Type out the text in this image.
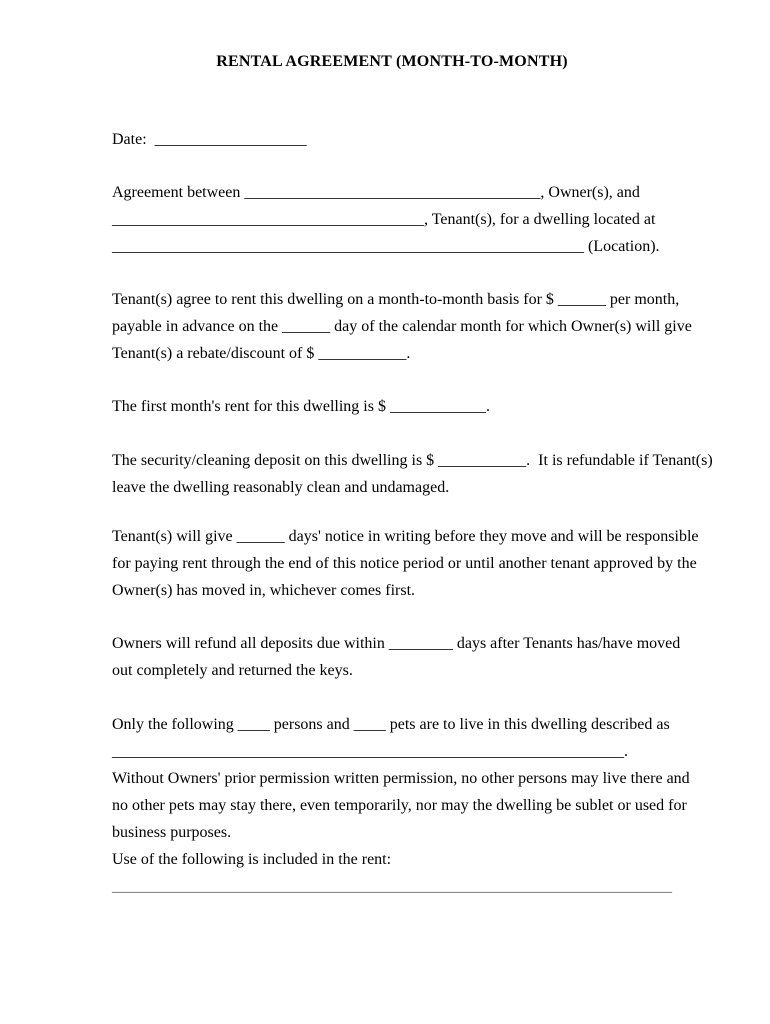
RENTAL AGREEMENT (MONTH-TO-MONTH)
Date:  ___________________
Agreement between _____________________________________, Owner(s), and
_______________________________________, Tenant(s), for a dwelling located at
___________________________________________________________ (Location).
Tenant(s) agree to rent this dwelling on a month-to-month basis for $ ______ per month,
payable in advance on the ______ day of the calendar month for which Owner(s) will give
Tenant(s) a rebate/discount of $ ___________.
The first month's rent for this dwelling is $ ____________.
The security/cleaning deposit on this dwelling is $ ___________.  It is refundable if Tenant(s)
leave the dwelling reasonably clean and undamaged.
Tenant(s) will give ______ days' notice in writing before they move and will be responsible
for paying rent through the end of this notice period or until another tenant approved by the
Owner(s) has moved in, whichever comes first.
Owners will refund all deposits due within ________ days after Tenants has/have moved
out completely and returned the keys.
Only the following ____ persons and ____ pets are to live in this dwelling described as
________________________________________________________________.
Without Owners' prior permission written permission, no other persons may live there and
no other pets may stay there, even temporarily, nor may the dwelling be sublet or used for
business purposes.
Use of the following is included in the rent:
______________________________________________________________________
